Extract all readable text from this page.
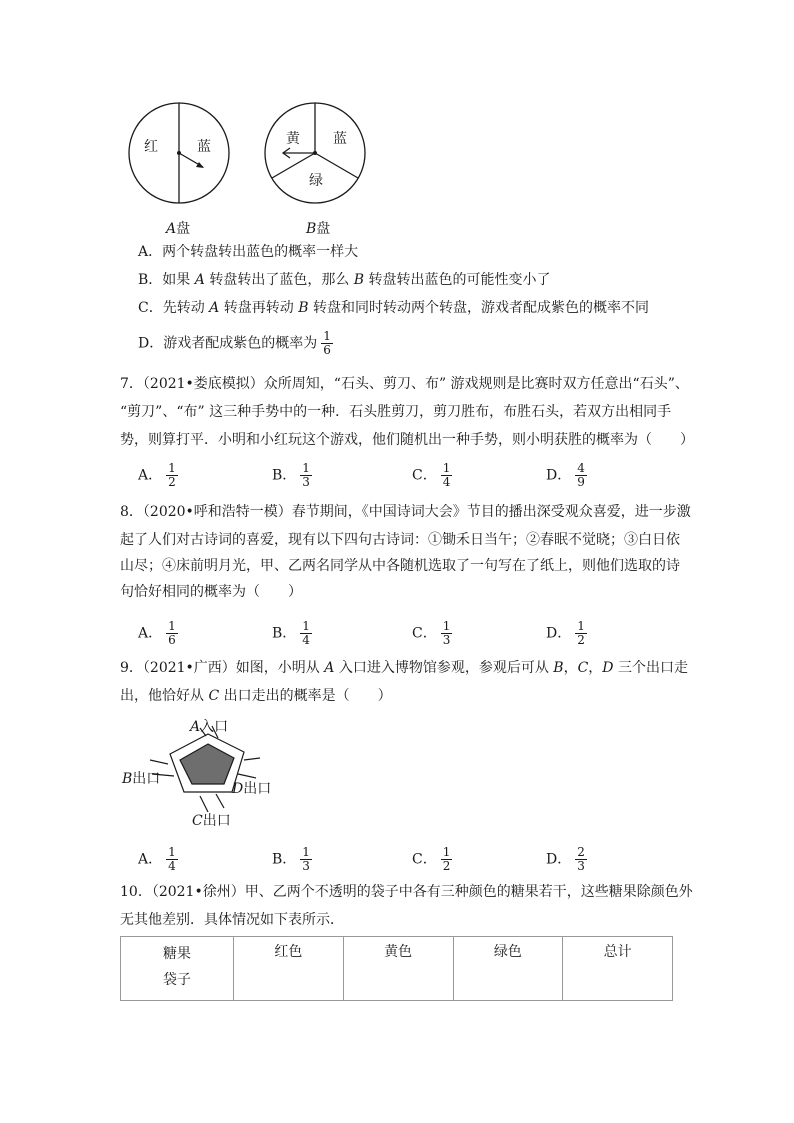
红	蓝
A盘
黄 蓝
绿
B盘
A．两个转盘转出蓝色的概率一样大
B．如果 A 转盘转出了蓝色，那么 B 转盘转出蓝色的可能性变小了
C．先转动 A 转盘再转动 B 转盘和同时转动两个转盘，游戏者配成紫色的概率不同
D．游戏者配成紫色的概率为 $\frac{1}{6}$
7．（2021•娄底模拟）众所周知，“石头、剪刀、布” 游戏规则是比赛时双方任意出“石头”、
“剪刀”、“布” 这三种手势中的一种．石头胜剪刀，剪刀胜布，布胜石头，若双方出相同手
势，则算打平．小明和小红玩这个游戏，他们随机出一种手势，则小明获胜的概率为（　　）
A． $\frac{1}{2}$	B． $\frac{1}{3}$	C． $\frac{1}{4}$	D． $\frac{4}{9}$
8．（2020•呼和浩特一模）春节期间，《中国诗词大会》节目的播出深受观众喜爱，进一步激
起了人们对古诗词的喜爱，现有以下四句古诗词：①锄禾日当午；②春眠不觉晓；③白日依
山尽；④床前明月光，甲、乙两名同学从中各随机选取了一句写在了纸上，则他们选取的诗
句恰好相同的概率为（　　）
A． $\frac{1}{6}$	B． $\frac{1}{4}$	C． $\frac{1}{3}$	D． $\frac{1}{2}$
9．（2021•广西）如图，小明从 A 入口进入博物馆参观，参观后可从 B，C，D 三个出口走
出，他恰好从 C 出口走出的概率是（　　）
A入口
B出口
D出口
C出口
A． $\frac{1}{4}$	B． $\frac{1}{3}$	C． $\frac{1}{2}$	D． $\frac{2}{3}$
10．（2021•徐州）甲、乙两个不透明的袋子中各有三种颜色的糖果若干，这些糖果除颜色外
无其他差别．具体情况如下表所示．
糖果
袋子
	红色	黄色	绿色	总计
